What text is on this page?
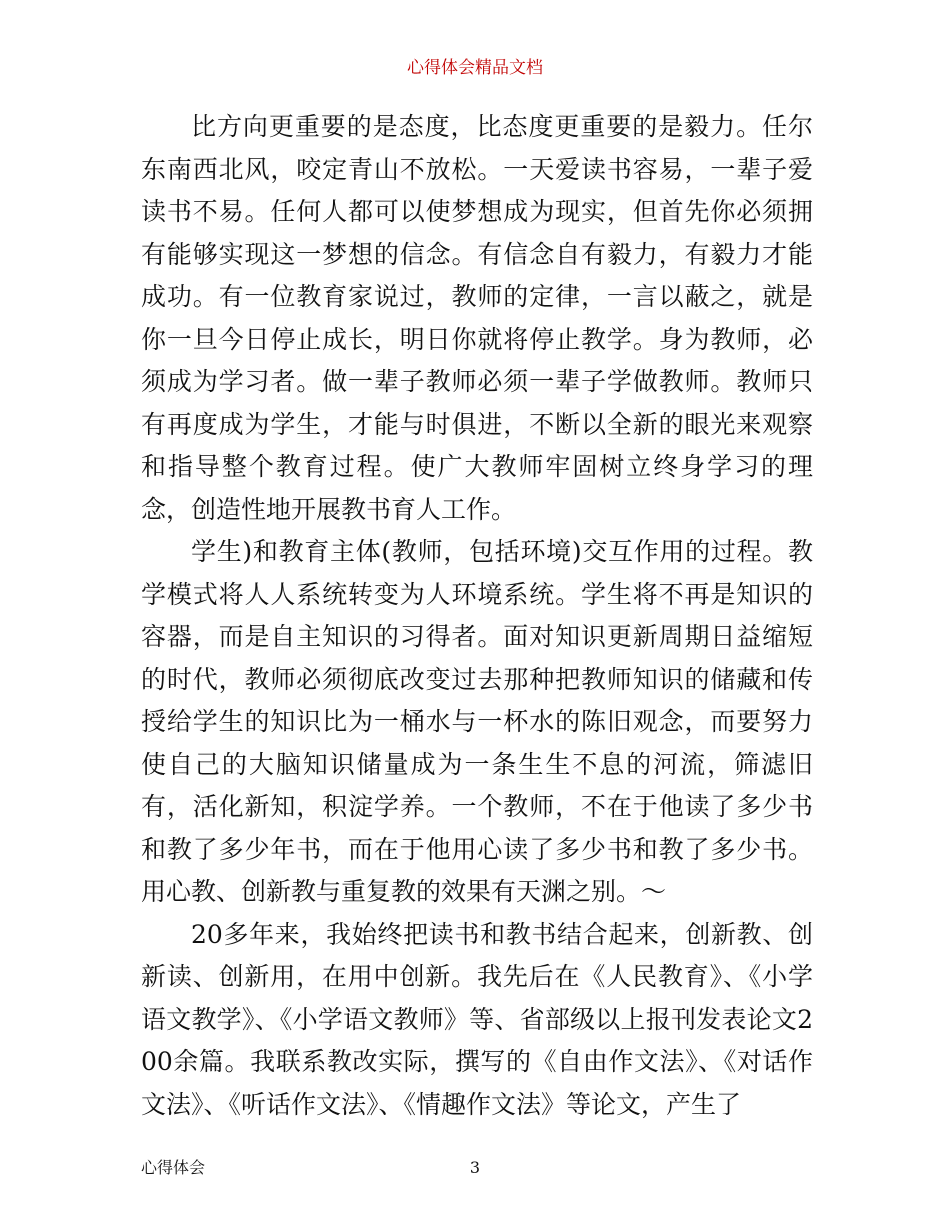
心得体会精品文档

比方向更重要的是态度，比态度更重要的是毅力。任尔东南西北风，咬定青山不放松。一天爱读书容易，一辈子爱读书不易。任何人都可以使梦想成为现实，但首先你必须拥有能够实现这一梦想的信念。有信念自有毅力，有毅力才能成功。有一位教育家说过，教师的定律，一言以蔽之，就是你一旦今日停止成长，明日你就将停止教学。身为教师，必须成为学习者。做一辈子教师必须一辈子学做教师。教师只有再度成为学生，才能与时俱进，不断以全新的眼光来观察和指导整个教育过程。使广大教师牢固树立终身学习的理念，创造性地开展教书育人工作。

学生)和教育主体(教师，包括环境)交互作用的过程。教学模式将人人系统转变为人环境系统。学生将不再是知识的容器，而是自主知识的习得者。面对知识更新周期日益缩短的时代，教师必须彻底改变过去那种把教师知识的储藏和传授给学生的知识比为一桶水与一杯水的陈旧观念，而要努力使自己的大脑知识储量成为一条生生不息的河流，筛滤旧有，活化新知，积淀学养。一个教师，不在于他读了多少书和教了多少年书，而在于他用心读了多少书和教了多少书。用心教、创新教与重复教的效果有天渊之别。～

20多年来，我始终把读书和教书结合起来，创新教、创新读、创新用，在用中创新。我先后在《人民教育》、《小学语文教学》、《小学语文教师》等、省部级以上报刊发表论文200余篇。我联系教改实际，撰写的《自由作文法》、《对话作文法》、《听话作文法》、《情趣作文法》等论文，产生了

心得体会	3
